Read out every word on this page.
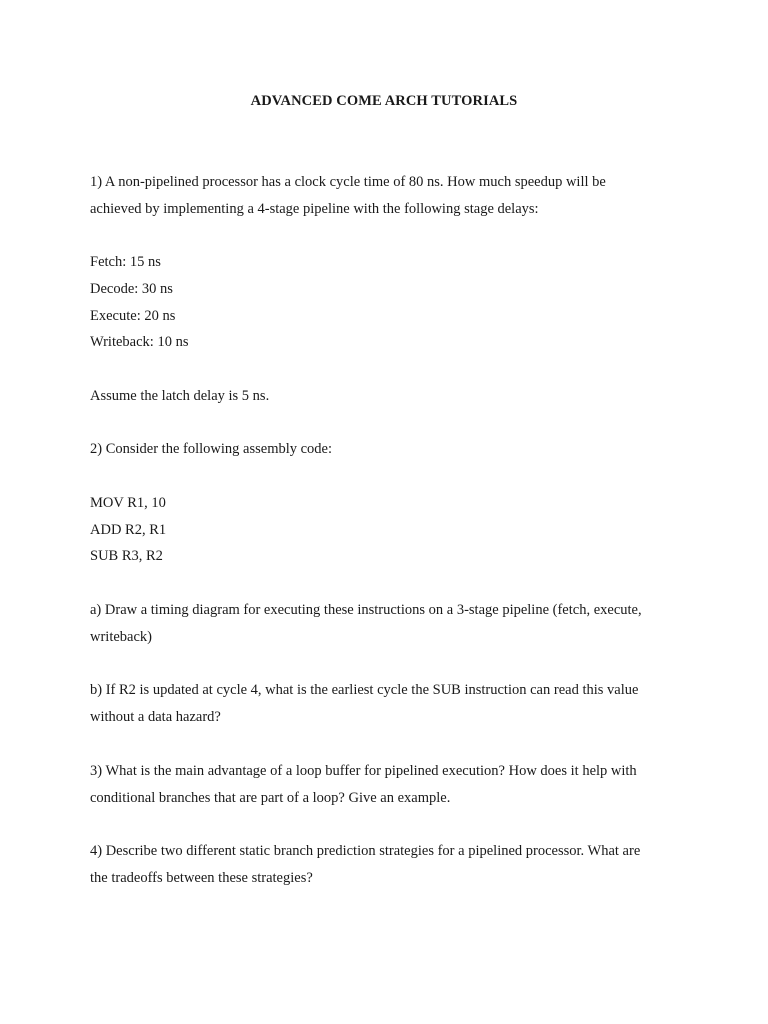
ADVANCED COME ARCH TUTORIALS
1) A non-pipelined processor has a clock cycle time of 80 ns. How much speedup will be
achieved by implementing a 4-stage pipeline with the following stage delays:
Fetch: 15 ns
Decode: 30 ns
Execute: 20 ns
Writeback: 10 ns
Assume the latch delay is 5 ns.
2) Consider the following assembly code:
MOV R1, 10
ADD R2, R1
SUB R3, R2
a) Draw a timing diagram for executing these instructions on a 3-stage pipeline (fetch, execute,
writeback)
b) If R2 is updated at cycle 4, what is the earliest cycle the SUB instruction can read this value
without a data hazard?
3) What is the main advantage of a loop buffer for pipelined execution? How does it help with
conditional branches that are part of a loop? Give an example.
4) Describe two different static branch prediction strategies for a pipelined processor. What are
the tradeoffs between these strategies?
